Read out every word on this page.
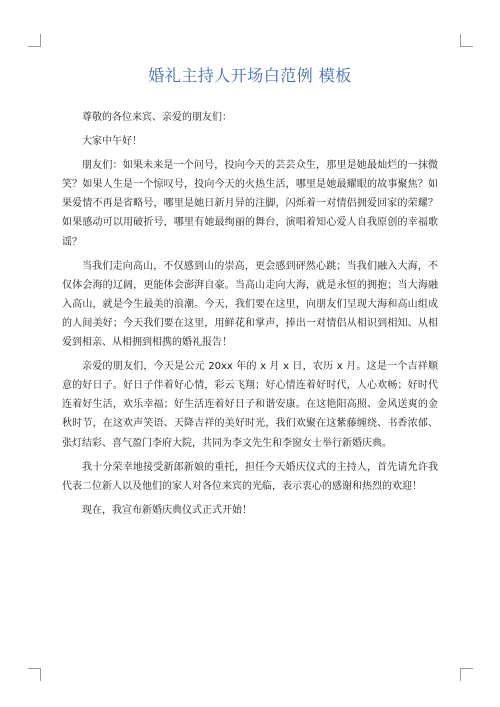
婚礼主持人开场白范例 模板

尊敬的各位来宾、亲爱的朋友们：

大家中午好！

朋友们：如果未来是一个问号，投向今天的芸芸众生，那里是她最灿烂的一抹微笑？如果人生是一个惊叹号，投向今天的火热生活，哪里是她最耀眼的故事聚焦？如果爱情不再是省略号，哪里是她日新月异的注脚，闪烁着一对情侣拥爱回家的荣耀？如果感动可以用破折号，哪里有她最绚丽的舞台，演唱着知心爱人自我原创的幸福歌谣？

当我们走向高山，不仅感到山的崇高，更会感到砰然心跳；当我们融入大海，不仅体会海的辽阔，更能体会澎湃自豪。当高山走向大海，就是永恒的拥抱；当大海融入高山，就是今生最美的浪潮。今天，我们要在这里，向朋友们呈现大海和高山组成的人间美好；今天我们要在这里，用鲜花和掌声，捧出一对情侣从相识到相知、从相爱到相亲、从相拥到相携的婚礼报告！

亲爱的朋友们，今天是公元 20xx 年的 x 月 x 日，农历 x 月。这是一个吉祥顺意的好日子。好日子伴着好心情，彩云飞翔；好心情连着好时代，人心欢畅；好时代连着好生活，欢乐幸福；好生活连着好日子和谐安康。在这艳阳高照、金风送爽的金秋时节，在这欢声笑语、天降吉祥的美好时光，我们欢聚在这紫藤缠绕、书香浓郁、张灯结彩、喜气盈门李府大院，共同为李文先生和李窗女士举行新婚庆典。

我十分荣幸地接受新郎新娘的重托，担任今天婚庆仪式的主持人，首先请允许我代表二位新人以及他们的家人对各位来宾的光临，表示衷心的感谢和热烈的欢迎！

现在，我宣布新婚庆典仪式正式开始！
